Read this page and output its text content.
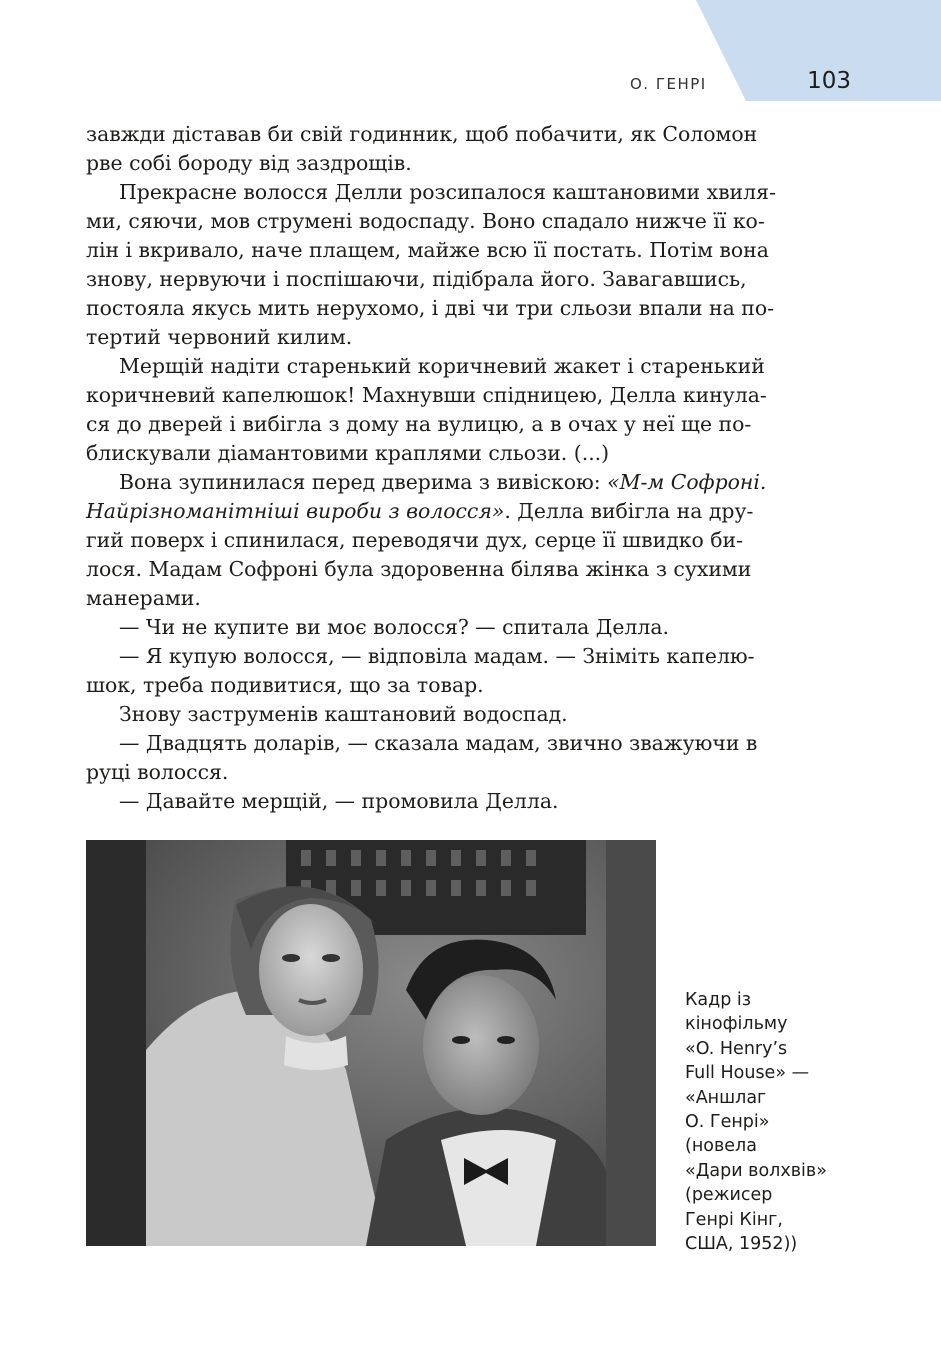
О. ГЕНРІ	103

завжди діставав би свій годинник, щоб побачити, як Соломон
рве собі бороду від заздрощів.

Прекрасне волосся Делли розсипалося каштановими хвиля-
ми, сяючи, мов струмені водоспаду. Воно спадало нижче її ко-
лін і вкривало, наче плащем, майже всю її постать. Потім вона
знову, нервуючи і поспішаючи, підібрала його. Завагавшись,
постояла якусь мить нерухомо, і дві чи три сльози впали на по-
тертий червоний килим.

Мерщій надіти старенький коричневий жакет і старенький
коричневий капелюшок! Махнувши спідницею, Делла кинула-
ся до дверей і вибігла з дому на вулицю, а в очах у неї ще по-
блискували діамантовими краплями сльози. (...)

Вона зупинилася перед дверима з вивіскою: «М-м Софроні.
Найрізноманітніші вироби з волосся». Делла вибігла на дру-
гий поверх і спинилася, переводячи дух, серце її швидко би-
лося. Мадам Софроні була здоровенна білява жінка з сухими
манерами.

— Чи не купите ви моє волосся? — спитала Делла.

— Я купую волосся, — відповіла мадам. — Зніміть капелю-
шок, треба подивитися, що за товар.

Знову заструменів каштановий водоспад.

— Двадцять доларів, — сказала мадам, звично зважуючи в
руці волосся.

— Давайте мерщій, — промовила Делла.

Кадр із
кінофільму
«O. Henry’s
Full House» —
«Аншлаг
О. Генрі»
(новела
«Дари волхвів»
(режисер
Генрі Кінг,
США, 1952))
